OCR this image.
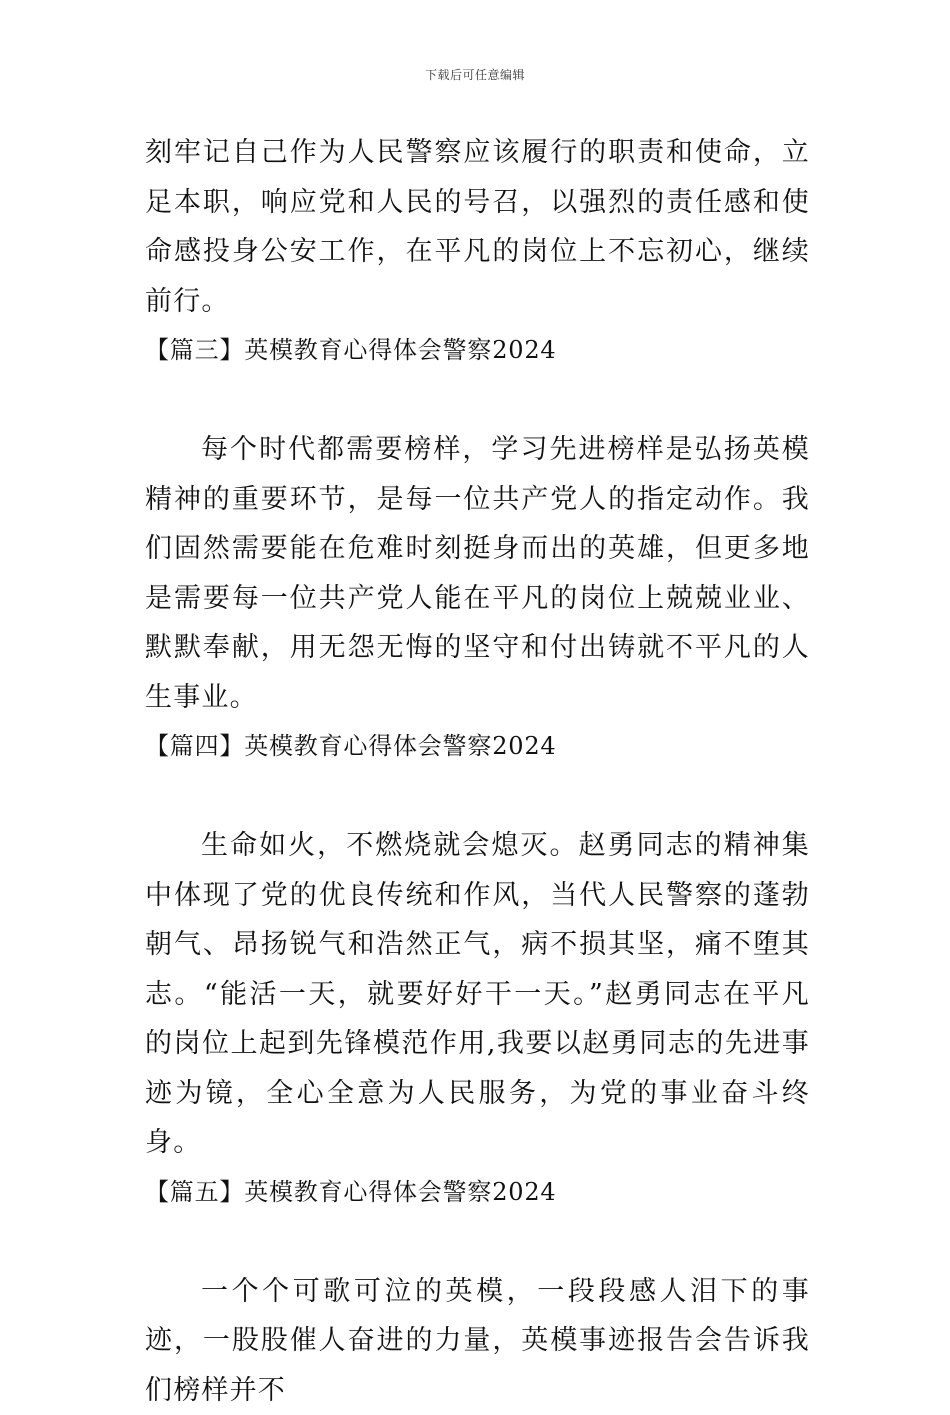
下载后可任意编辑

刻牢记自己作为人民警察应该履行的职责和使命，立足本职，响应党和人民的号召，以强烈的责任感和使命感投身公安工作，在平凡的岗位上不忘初心，继续前行。

【篇三】英模教育心得体会警察2024

每个时代都需要榜样，学习先进榜样是弘扬英模精神的重要环节，是每一位共产党人的指定动作。我们固然需要能在危难时刻挺身而出的英雄，但更多地是需要每一位共产党人能在平凡的岗位上兢兢业业、默默奉献，用无怨无悔的坚守和付出铸就不平凡的人生事业。

【篇四】英模教育心得体会警察2024

生命如火，不燃烧就会熄灭。赵勇同志的精神集中体现了党的优良传统和作风，当代人民警察的蓬勃朝气、昂扬锐气和浩然正气，病不损其坚，痛不堕其志。“能活一天，就要好好干一天。”赵勇同志在平凡的岗位上起到先锋模范作用,我要以赵勇同志的先进事迹为镜，全心全意为人民服务，为党的事业奋斗终身。

【篇五】英模教育心得体会警察2024

一个个可歌可泣的英模，一段段感人泪下的事迹，一股股催人奋进的力量，英模事迹报告会告诉我们榜样并不
